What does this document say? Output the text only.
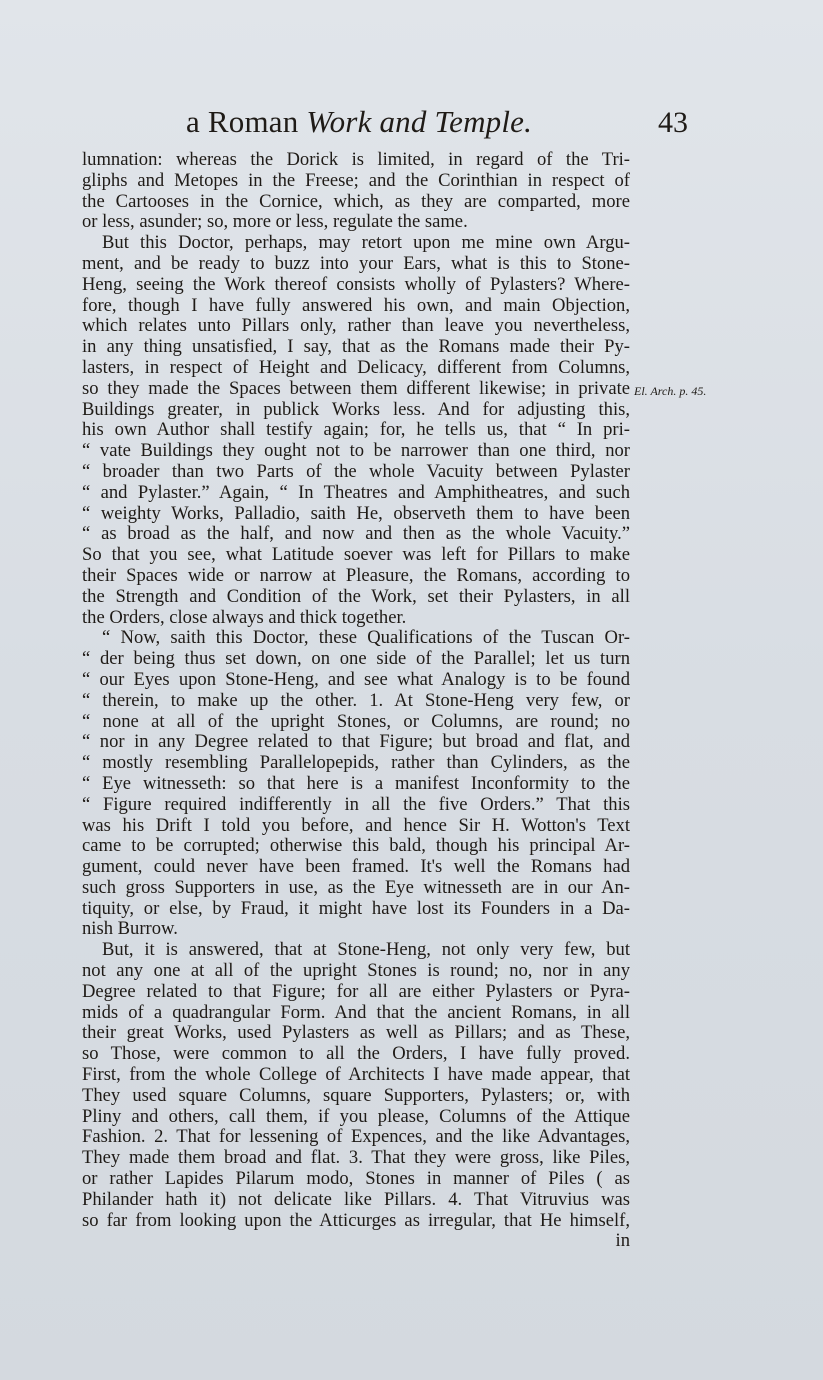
a Roman Work and Temple.	43
El. Arch. p. 45.
lumnation: whereas the Dorick is limited, in regard of the Tri-
gliphs and Metopes in the Freese; and the Corinthian in respect of
the Cartooses in the Cornice, which, as they are comparted, more
or less, asunder; so, more or less, regulate the same.
But this Doctor, perhaps, may retort upon me mine own Argu-
ment, and be ready to buzz into your Ears, what is this to Stone-
Heng, seeing the Work thereof consists wholly of Pylasters? Where-
fore, though I have fully answered his own, and main Objection,
which relates unto Pillars only, rather than leave you nevertheless,
in any thing unsatisfied, I say, that as the Romans made their Py-
lasters, in respect of Height and Delicacy, different from Columns,
so they made the Spaces between them different likewise; in private
Buildings greater, in publick Works less. And for adjusting this,
his own Author shall testify again; for, he tells us, that “ In pri-
“ vate Buildings they ought not to be narrower than one third, nor
“ broader than two Parts of the whole Vacuity between Pylaster
“ and Pylaster.” Again, “ In Theatres and Amphitheatres, and such
“ weighty Works, Palladio, saith He, observeth them to have been
“ as broad as the half, and now and then as the whole Vacuity.”
So that you see, what Latitude soever was left for Pillars to make
their Spaces wide or narrow at Pleasure, the Romans, according to
the Strength and Condition of the Work, set their Pylasters, in all
the Orders, close always and thick together.
“ Now, saith this Doctor, these Qualifications of the Tuscan Or-
“ der being thus set down, on one side of the Parallel; let us turn
“ our Eyes upon Stone-Heng, and see what Analogy is to be found
“ therein, to make up the other. 1. At Stone-Heng very few, or
“ none at all of the upright Stones, or Columns, are round; no
“ nor in any Degree related to that Figure; but broad and flat, and
“ mostly resembling Parallelopepids, rather than Cylinders, as the
“ Eye witnesseth: so that here is a manifest Inconformity to the
“ Figure required indifferently in all the five Orders.” That this
was his Drift I told you before, and hence Sir H. Wotton's Text
came to be corrupted; otherwise this bald, though his principal Ar-
gument, could never have been framed. It's well the Romans had
such gross Supporters in use, as the Eye witnesseth are in our An-
tiquity, or else, by Fraud, it might have lost its Founders in a Da-
nish Burrow.
But, it is answered, that at Stone-Heng, not only very few, but
not any one at all of the upright Stones is round; no, nor in any
Degree related to that Figure; for all are either Pylasters or Pyra-
mids of a quadrangular Form. And that the ancient Romans, in all
their great Works, used Pylasters as well as Pillars; and as These,
so Those, were common to all the Orders, I have fully proved.
First, from the whole College of Architects I have made appear, that
They used square Columns, square Supporters, Pylasters; or, with
Pliny and others, call them, if you please, Columns of the Attique
Fashion. 2. That for lessening of Expences, and the like Advantages,
They made them broad and flat. 3. That they were gross, like Piles,
or rather Lapides Pilarum modo, Stones in manner of Piles ( as
Philander hath it) not delicate like Pillars. 4. That Vitruvius was
so far from looking upon the Atticurges as irregular, that He himself,
in
